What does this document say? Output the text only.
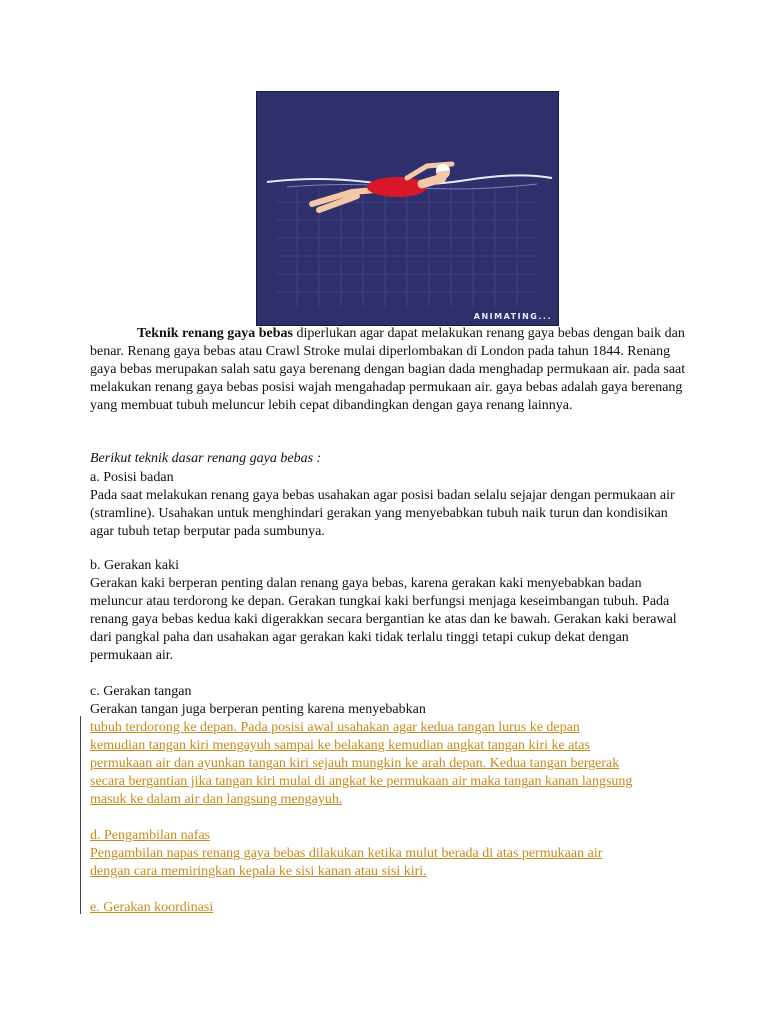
ANIMATING...
Teknik renang gaya bebas diperlukan agar dapat melakukan renang gaya bebas dengan baik dan benar. Renang gaya bebas atau Crawl Stroke mulai diperlombakan di London pada tahun 1844. Renang gaya bebas merupakan salah satu gaya berenang dengan bagian dada menghadap permukaan air. pada saat melakukan renang gaya bebas posisi wajah mengahadap permukaan air. gaya bebas adalah gaya berenang yang membuat tubuh meluncur lebih cepat dibandingkan dengan gaya renang lainnya.
Berikut teknik dasar renang gaya bebas :
a. Posisi badan
Pada saat melakukan renang gaya bebas usahakan agar posisi badan selalu sejajar dengan permukaan air (stramline). Usahakan untuk menghindari gerakan yang menyebabkan tubuh naik turun dan kondisikan agar tubuh tetap berputar pada sumbunya.
b. Gerakan kaki
Gerakan kaki berperan penting dalan renang gaya bebas, karena gerakan kaki menyebabkan badan meluncur atau terdorong ke depan. Gerakan tungkai kaki berfungsi menjaga keseimbangan tubuh. Pada renang gaya bebas kedua kaki digerakkan secara bergantian ke atas dan ke bawah. Gerakan kaki berawal dari pangkal paha dan usahakan agar gerakan kaki tidak terlalu tinggi tetapi cukup dekat dengan permukaan air.
c. Gerakan tangan
Gerakan tangan juga berperan penting karena menyebabkan
tubuh terdorong ke depan. Pada posisi awal usahakan agar kedua tangan lurus ke depan
kemudian tangan kiri mengayuh sampai ke belakang kemudian angkat tangan kiri ke atas
permukaan air dan ayunkan tangan kiri sejauh mungkin ke arah depan. Kedua tangan bergerak
secara bergantian jika tangan kiri mulai di angkat ke permukaan air maka tangan kanan langsung
masuk ke dalam air dan langsung mengayuh.
d. Pengambilan nafas
Pengambilan napas renang gaya bebas dilakukan ketika mulut berada di atas permukaan air
dengan cara memiringkan kepala ke sisi kanan atau sisi kiri.
e. Gerakan koordinasi
